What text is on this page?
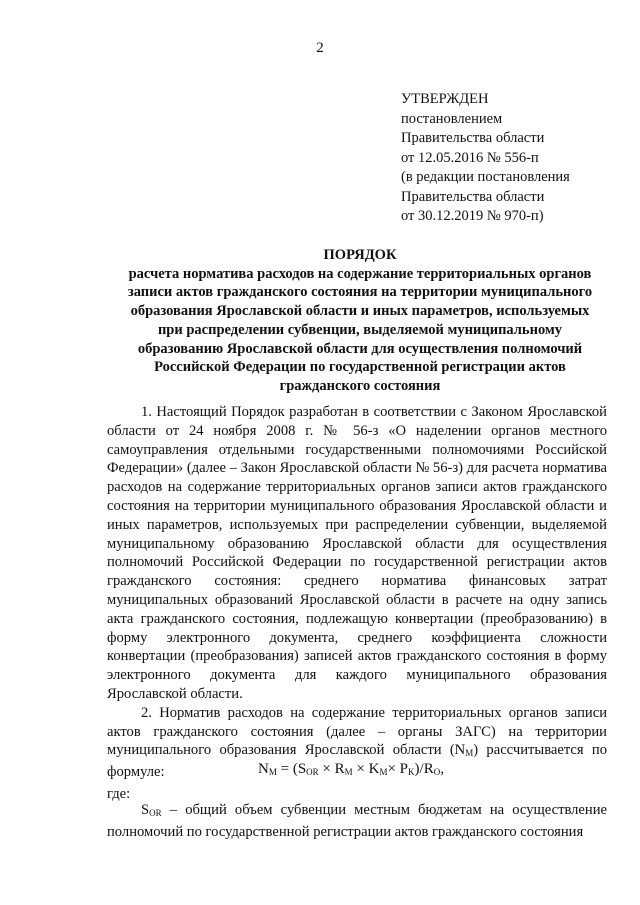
2
УТВЕРЖДЕН
постановлением
Правительства области
от 12.05.2016 № 556-п
(в редакции постановления
Правительства области
от 30.12.2019 № 970-п)
ПОРЯДОК
расчета норматива расходов на содержание территориальных органов
записи актов гражданского состояния на территории муниципального
образования Ярославской области и иных параметров, используемых
при распределении субвенции, выделяемой муниципальному
образованию Ярославской области для осуществления полномочий
Российской Федерации по государственной регистрации актов
гражданского состояния

1. Настоящий Порядок разработан в соответствии с Законом Ярославской области от 24 ноября 2008 г. № 56-з «О наделении органов местного самоуправления отдельными государственными полномочиями Российской Федерации» (далее – Закон Ярославской области № 56-з) для расчета норматива расходов на содержание территориальных органов записи актов гражданского состояния на территории муниципального образования Ярославской области и иных параметров, используемых при распределении субвенции, выделяемой муниципальному образованию Ярославской области для осуществления полномочий Российской Федерации по государственной регистрации актов гражданского состояния: среднего норматива финансовых затрат муниципальных образований Ярославской области в расчете на одну запись акта гражданского состояния, подлежащую конвертации (преобразованию) в форму электронного документа, среднего коэффициента сложности конвертации (преобразования) записей актов гражданского состояния в форму электронного документа для каждого муниципального образования Ярославской области.

2. Норматив расходов на содержание территориальных органов записи актов гражданского состояния (далее – органы ЗАГС) на территории муниципального образования Ярославской области $(N_М)$ рассчитывается по формуле:	$N_M = (S_{OR} \times R_M \times K_M\times P_K)/R_O$,
где:
$S_{OR}$ – общий объем субвенции местным бюджетам на осуществление полномочий по государственной регистрации актов гражданского состояния
